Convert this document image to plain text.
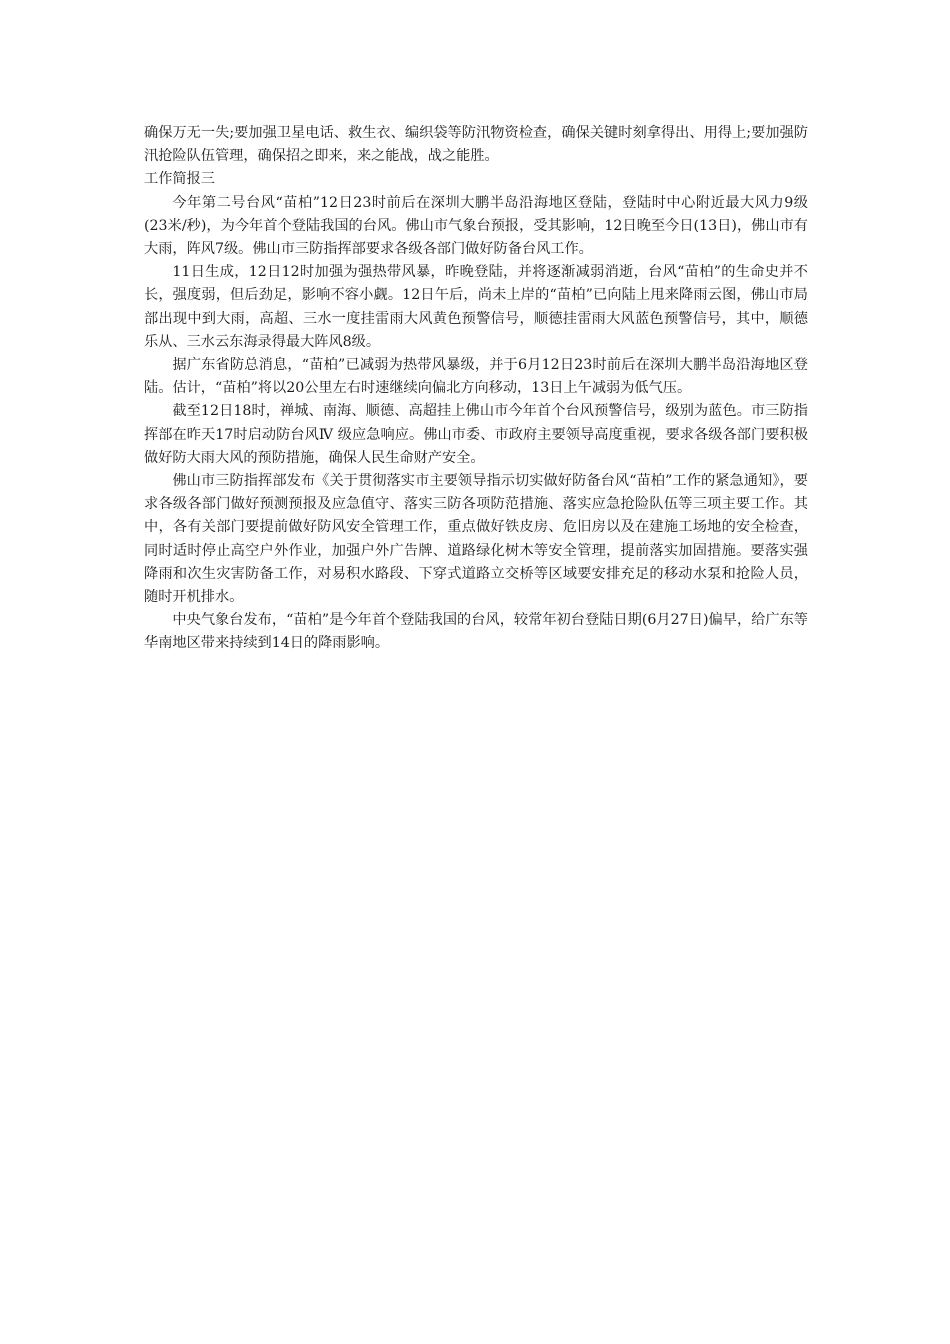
确保万无一失;要加强卫星电话、救生衣、编织袋等防汛物资检查，确保关键时刻拿得出、用得上;要加强防汛抢险队伍管理，确保招之即来，来之能战，战之能胜。

工作简报三

今年第二号台风“苗柏”12日23时前后在深圳大鹏半岛沿海地区登陆，登陆时中心附近最大风力9级(23米/秒)，为今年首个登陆我国的台风。佛山市气象台预报，受其影响，12日晚至今日(13日)，佛山市有大雨，阵风7级。佛山市三防指挥部要求各级各部门做好防备台风工作。

11日生成，12日12时加强为强热带风暴，昨晚登陆，并将逐渐减弱消逝，台风“苗柏”的生命史并不长，强度弱，但后劲足，影响不容小觑。12日午后，尚未上岸的“苗柏”已向陆上甩来降雨云图，佛山市局部出现中到大雨，高超、三水一度挂雷雨大风黄色预警信号，顺德挂雷雨大风蓝色预警信号，其中，顺德乐从、三水云东海录得最大阵风8级。

据广东省防总消息，“苗柏”已减弱为热带风暴级，并于6月12日23时前后在深圳大鹏半岛沿海地区登陆。估计，“苗柏”将以20公里左右时速继续向偏北方向移动，13日上午减弱为低气压。

截至12日18时，禅城、南海、顺德、高超挂上佛山市今年首个台风预警信号，级别为蓝色。市三防指挥部在昨天17时启动防台风Ⅳ 级应急响应。佛山市委、市政府主要领导高度重视，要求各级各部门要积极做好防大雨大风的预防措施，确保人民生命财产安全。

佛山市三防指挥部发布《关于贯彻落实市主要领导指示切实做好防备台风“苗柏”工作的紧急通知》，要求各级各部门做好预测预报及应急值守、落实三防各项防范措施、落实应急抢险队伍等三项主要工作。其中，各有关部门要提前做好防风安全管理工作，重点做好铁皮房、危旧房以及在建施工场地的安全检查，同时适时停止高空户外作业，加强户外广告牌、道路绿化树木等安全管理，提前落实加固措施。要落实强降雨和次生灾害防备工作，对易积水路段、下穿式道路立交桥等区域要安排充足的移动水泵和抢险人员，随时开机排水。

中央气象台发布，“苗柏”是今年首个登陆我国的台风，较常年初台登陆日期(6月27日)偏早，给广东等华南地区带来持续到14日的降雨影响。
